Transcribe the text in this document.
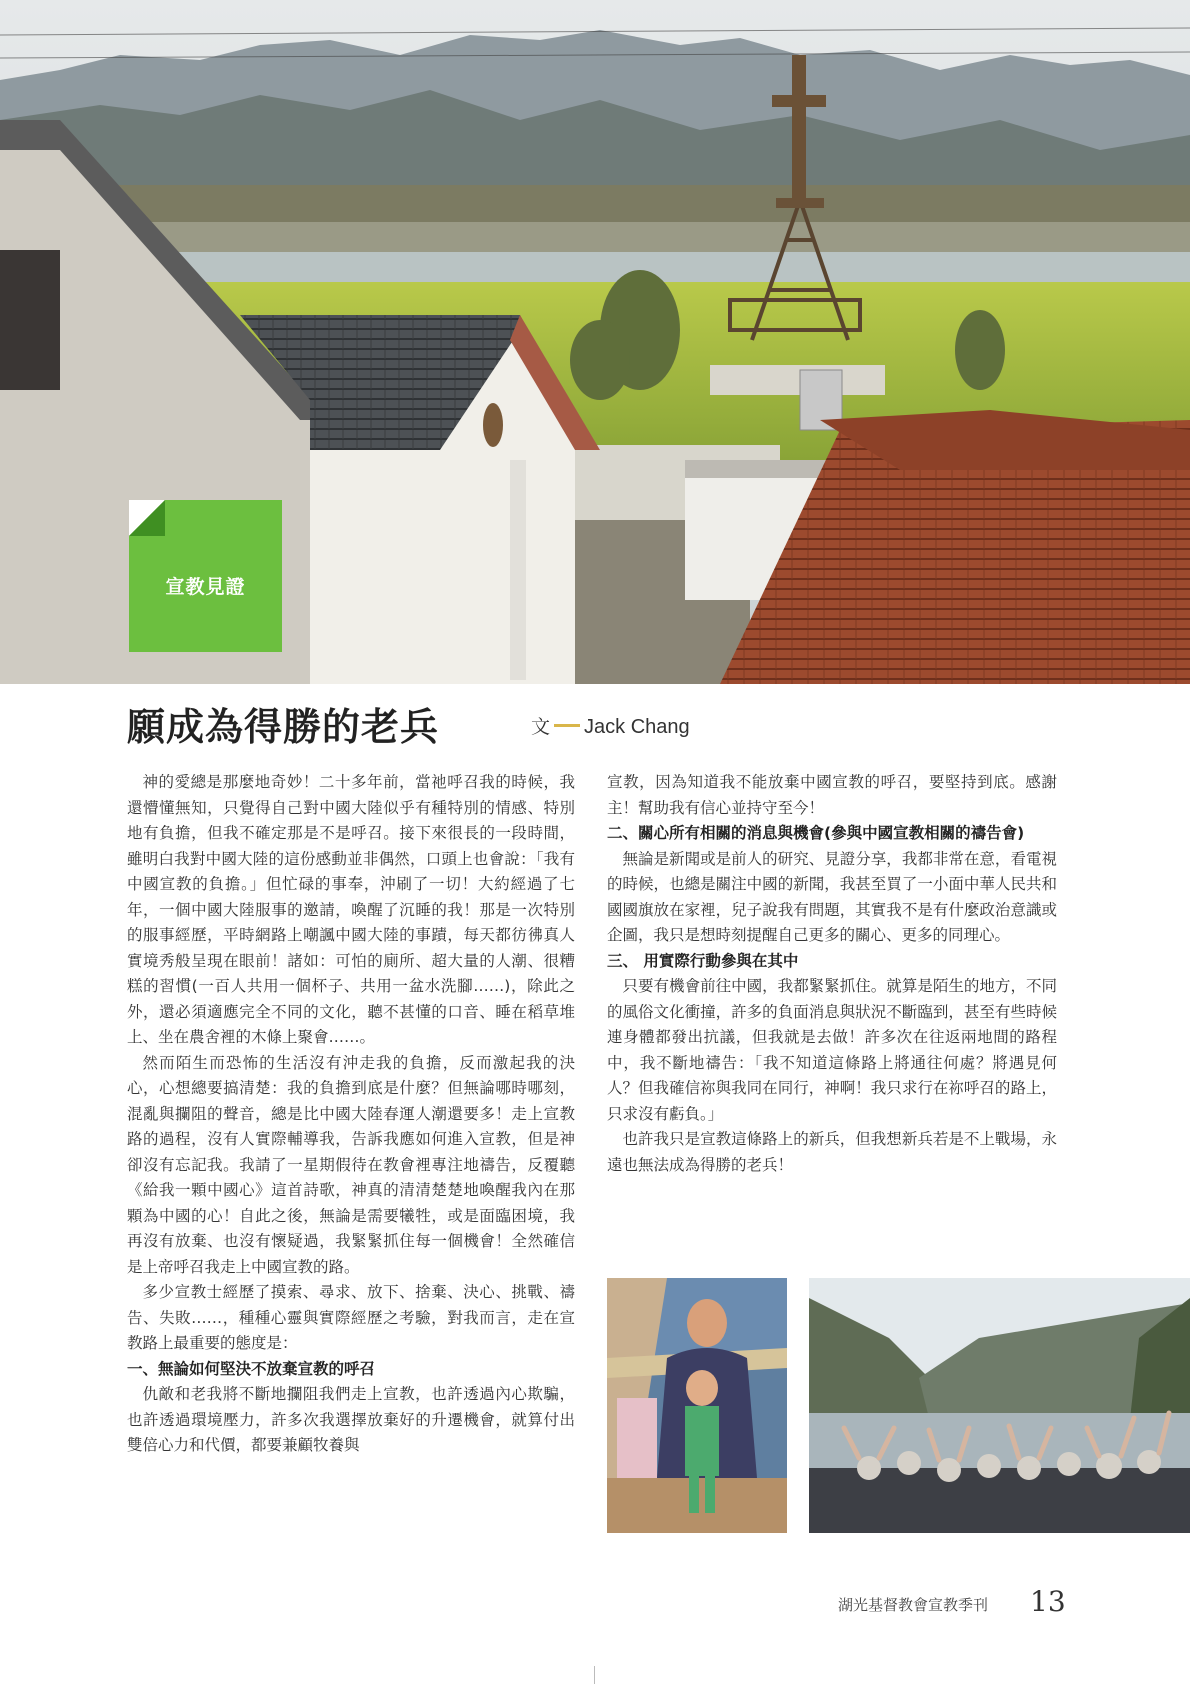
宣教見證
願成為得勝的老兵	文 Jack Chang

神的愛總是那麼地奇妙！二十多年前，當祂呼召我的時候，我還懵懂無知，只覺得自己對中國大陸似乎有種特別的情感、特別地有負擔，但我不確定那是不是呼召。接下來很長的一段時間，雖明白我對中國大陸的這份感動並非偶然，口頭上也會說：「我有中國宣教的負擔。」但忙碌的事奉，沖刷了一切！大約經過了七年，一個中國大陸服事的邀請，喚醒了沉睡的我！那是一次特別的服事經歷，平時網路上嘲諷中國大陸的事蹟，每天都彷彿真人實境秀般呈現在眼前！諸如：可怕的廁所、超大量的人潮、很糟糕的習慣(一百人共用一個杯子、共用一盆水洗腳……)，除此之外，還必須適應完全不同的文化，聽不甚懂的口音、睡在稻草堆上、坐在農舍裡的木條上聚會……。

然而陌生而恐怖的生活沒有沖走我的負擔，反而激起我的決心，心想總要搞清楚：我的負擔到底是什麼？但無論哪時哪刻，混亂與攔阻的聲音，總是比中國大陸春運人潮還要多！走上宣教路的過程，沒有人實際輔導我，告訴我應如何進入宣教，但是神卻沒有忘記我。我請了一星期假待在教會裡專注地禱告，反覆聽《給我一顆中國心》這首詩歌，神真的清清楚楚地喚醒我內在那顆為中國的心！自此之後，無論是需要犧牲，或是面臨困境，我再沒有放棄、也沒有懷疑過，我緊緊抓住每一個機會！全然確信是上帝呼召我走上中國宣教的路。

多少宣教士經歷了摸索、尋求、放下、捨棄、決心、挑戰、禱告、失敗……，種種心靈與實際經歷之考驗，對我而言，走在宣教路上最重要的態度是：

一、無論如何堅決不放棄宣教的呼召

仇敵和老我將不斷地攔阻我們走上宣教，也許透過內心欺騙，也許透過環境壓力，許多次我選擇放棄好的升遷機會，就算付出雙倍心力和代價，都要兼顧牧養與

宣教，因為知道我不能放棄中國宣教的呼召，要堅持到底。感謝主！幫助我有信心並持守至今！

二、關心所有相關的消息與機會(參與中國宣教相關的禱告會)

無論是新聞或是前人的研究、見證分享，我都非常在意，看電視的時候，也總是關注中國的新聞，我甚至買了一小面中華人民共和國國旗放在家裡，兒子說我有問題，其實我不是有什麼政治意識或企圖，我只是想時刻提醒自己更多的關心、更多的同理心。

三、 用實際行動參與在其中

只要有機會前往中國，我都緊緊抓住。就算是陌生的地方，不同的風俗文化衝撞，許多的負面消息與狀況不斷臨到，甚至有些時候連身體都發出抗議，但我就是去做！許多次在往返兩地間的路程中，我不斷地禱告：「我不知道這條路上將通往何處？將遇見何人？但我確信祢與我同在同行，神啊！我只求行在祢呼召的路上，只求沒有虧負。」

也許我只是宣教這條路上的新兵，但我想新兵若是不上戰場，永遠也無法成為得勝的老兵！

湖光基督教會宣教季刊 13
